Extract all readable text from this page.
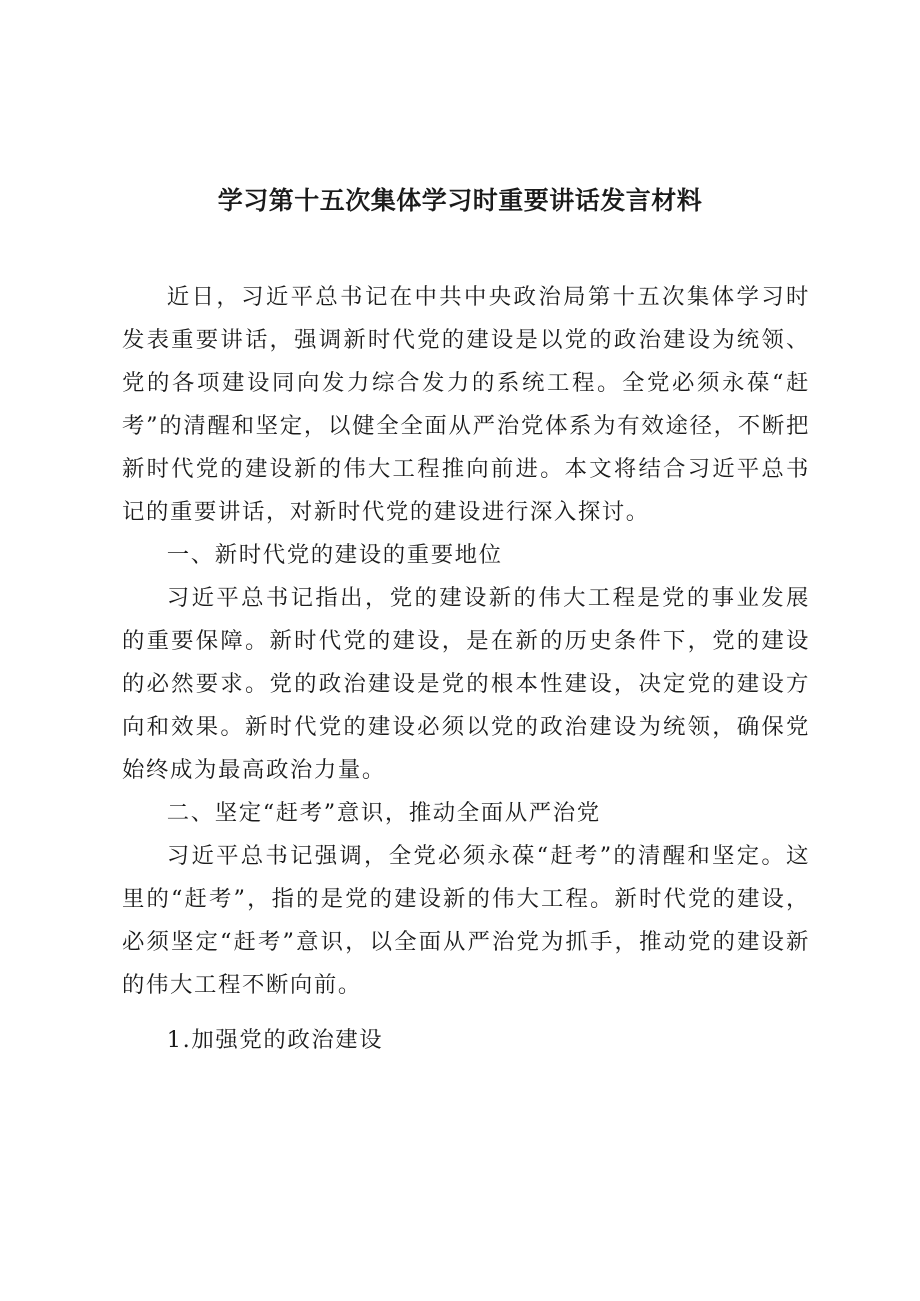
学习第十五次集体学习时重要讲话发言材料

近日，习近平总书记在中共中央政治局第十五次集体学习时发表重要讲话，强调新时代党的建设是以党的政治建设为统领、党的各项建设同向发力综合发力的系统工程。全党必须永葆“赶考”的清醒和坚定，以健全全面从严治党体系为有效途径，不断把新时代党的建设新的伟大工程推向前进。本文将结合习近平总书记的重要讲话，对新时代党的建设进行深入探讨。

一、新时代党的建设的重要地位

习近平总书记指出，党的建设新的伟大工程是党的事业发展的重要保障。新时代党的建设，是在新的历史条件下，党的建设的必然要求。党的政治建设是党的根本性建设，决定党的建设方向和效果。新时代党的建设必须以党的政治建设为统领，确保党始终成为最高政治力量。

二、坚定“赶考”意识，推动全面从严治党

习近平总书记强调，全党必须永葆“赶考”的清醒和坚定。这里的“赶考”，指的是党的建设新的伟大工程。新时代党的建设，必须坚定“赶考”意识，以全面从严治党为抓手，推动党的建设新的伟大工程不断向前。

1.加强党的政治建设
